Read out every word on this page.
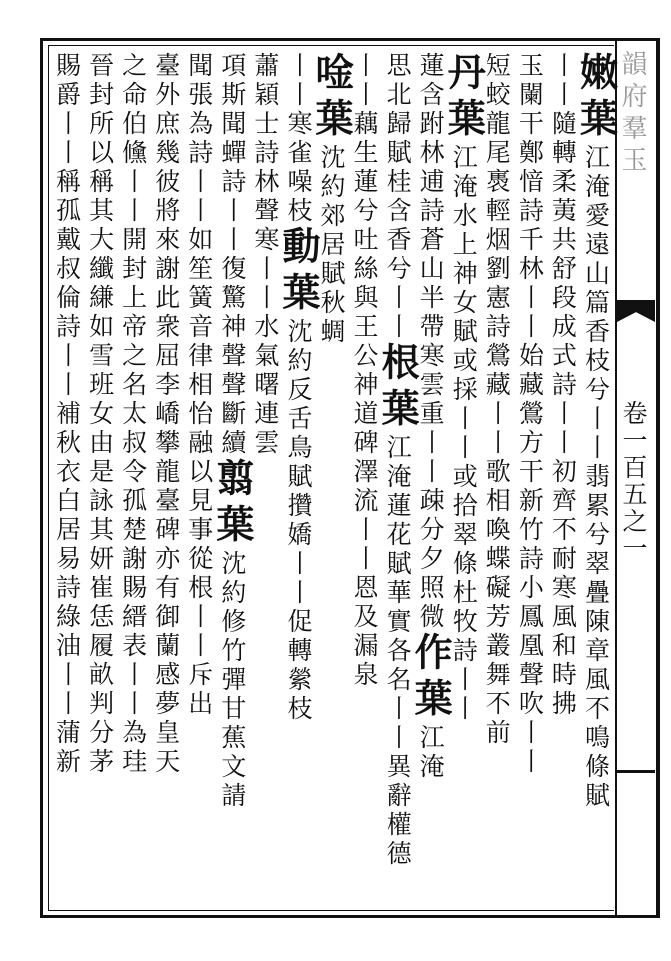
韻府羣玉
卷一百五之一
嫩葉江淹愛遠山篇香枝兮丨丨翡累兮翠疊陳章風不鳴條賦
丨丨隨轉柔荑共舒段成式詩丨丨初齊不耐寒風和時拂
玉闌干鄭愔詩千林丨丨始藏鶯方干新竹詩小鳳凰聲吹丨丨
短蛟龍尾褭輕烟劉憲詩鶯藏丨丨歌相喚蝶礙芳叢舞不前
丹葉江淹水上神女賦或採丨丨或拾翠條杜牧詩丨丨
蓮含跗林逋詩蒼山半帶寒雲重丨丨疎分夕照微作葉江淹
思北歸賦桂含香兮丨丨根葉江淹蓮花賦華實各名丨丨異辭權德
丨丨藕生蓮兮吐絲與王公神道碑澤流丨丨恩及漏泉
唫葉沈約郊居賦秋蜩
丨丨寒雀噪枝動葉沈約反舌鳥賦攢嬌丨丨促轉縈枝
蕭穎士詩林聲寒丨丨水氣曙連雲
項斯聞蟬詩丨丨復驚神聲聲斷續翦葉沈約修竹彈甘蕉文請
聞張為詩丨丨如笙簧音律相怡融以見事從根丨丨斥出
臺外庶幾彼將來謝此衆屈李嶠攀龍臺碑亦有御蘭感夢皇天
之命伯儵丨丨開封上帝之名太叔令孤楚謝賜縉表丨丨為珪
晉封所以稱其大纖縑如雪班女由是詠其妍崔恁履畝判分茅
賜爵丨丨稱孤戴叔倫詩丨丨補秋衣白居易詩綠油丨丨蒲新
